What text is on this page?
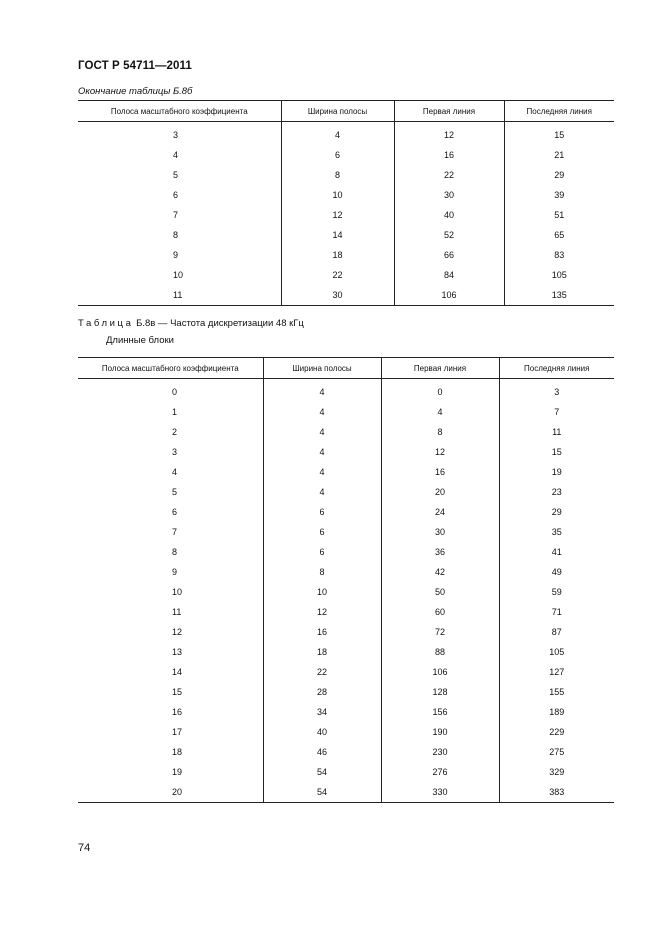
ГОСТ Р 54711—2011
Окончание таблицы Б.8б
Полоса масштабного коэффициента	Ширина полосы	Первая линия	Последняя линия
3	4	12	15
4	6	16	21
5	8	22	29
6	10	30	39
7	12	40	51
8	14	52	65
9	18	66	83
10	22	84	105
11	30	106	135
Таблица Б.8в — Частота дискретизации 48 кГц
Длинные блоки
Полоса масштабного коэффициента	Ширина полосы	Первая линия	Последняя линия
0	4	0	3
1	4	4	7
2	4	8	11
3	4	12	15
4	4	16	19
5	4	20	23
6	6	24	29
7	6	30	35
8	6	36	41
9	8	42	49
10	10	50	59
11	12	60	71
12	16	72	87
13	18	88	105
14	22	106	127
15	28	128	155
16	34	156	189
17	40	190	229
18	46	230	275
19	54	276	329
20	54	330	383
74
